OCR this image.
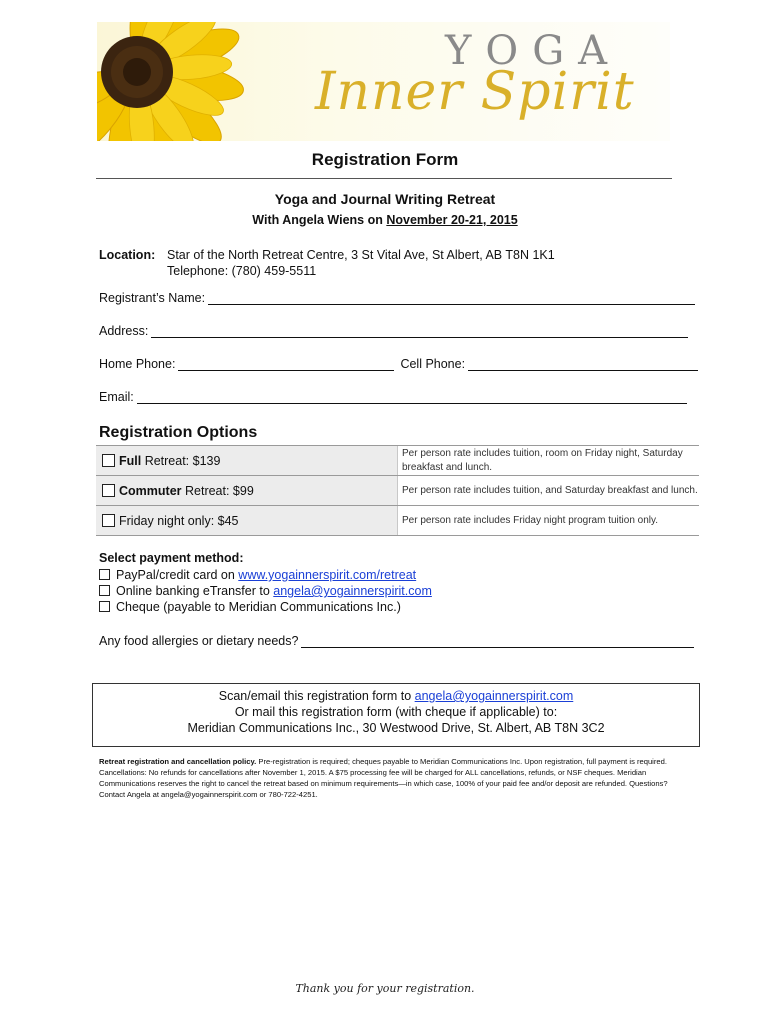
YOGA
Inner Spirit
Registration Form
Yoga and Journal Writing Retreat
With Angela Wiens on November 20-21, 2015
Location: Star of the North Retreat Centre, 3 St Vital Ave, St Albert, AB T8N 1K1
Telephone: (780) 459-5511
Registrant’s Name:
Address:
Home Phone:	Cell Phone:
Email:
Registration Options
Full Retreat: $139	Per person rate includes tuition, room on Friday night, Saturday breakfast and lunch.
Commuter Retreat: $99	Per person rate includes tuition, and Saturday breakfast and lunch.
Friday night only: $45	Per person rate includes Friday night program tuition only.
Select payment method:
PayPal/credit card on www.yogainnerspirit.com/retreat
Online banking eTransfer to angela@yogainnerspirit.com
Cheque (payable to Meridian Communications Inc.)
Any food allergies or dietary needs?
Scan/email this registration form to angela@yogainnerspirit.com
Or mail this registration form (with cheque if applicable) to:
Meridian Communications Inc., 30 Westwood Drive, St. Albert, AB T8N 3C2
Retreat registration and cancellation policy. Pre-registration is required; cheques payable to Meridian Communications Inc. Upon registration, full payment is required. Cancellations: No refunds for cancellations after November 1, 2015. A $75 processing fee will be charged for ALL cancellations, refunds, or NSF cheques. Meridian Communications reserves the right to cancel the retreat based on minimum requirements—in which case, 100% of your paid fee and/or deposit are refunded. Questions? Contact Angela at angela@yogainnerspirit.com or 780-722-4251.
Thank you for your registration.
